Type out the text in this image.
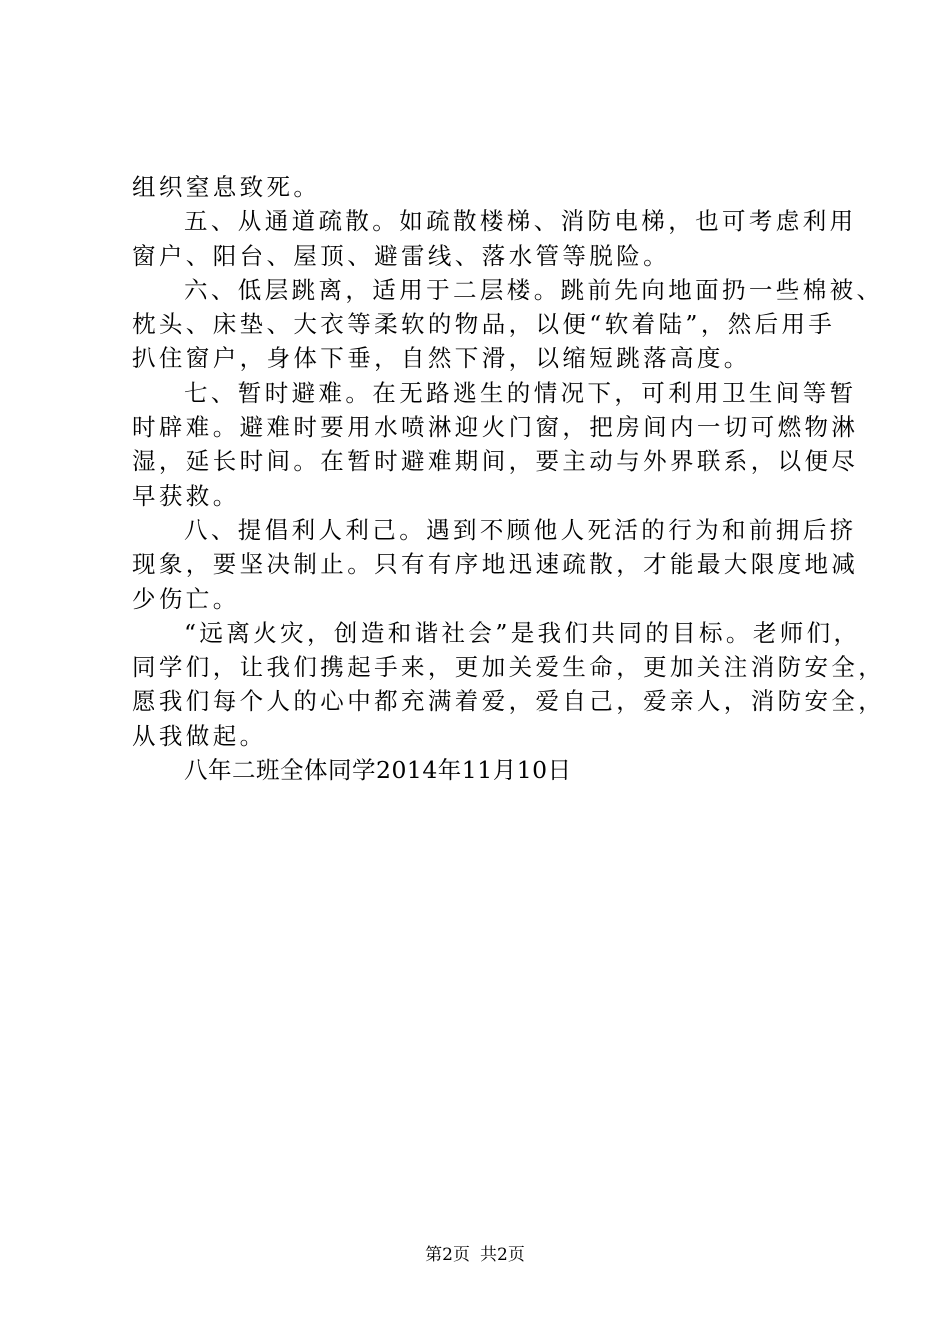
组织窒息致死。

五、从通道疏散。如疏散楼梯、消防电梯，也可考虑利用

窗户、阳台、屋顶、避雷线、落水管等脱险。

六、低层跳离，适用于二层楼。跳前先向地面扔一些棉被、

枕头、床垫、大衣等柔软的物品，以便“软着陆”，然后用手

扒住窗户，身体下垂，自然下滑，以缩短跳落高度。

七、暂时避难。在无路逃生的情况下，可利用卫生间等暂

时辟难。避难时要用水喷淋迎火门窗，把房间内一切可燃物淋

湿，延长时间。在暂时避难期间，要主动与外界联系，以便尽

早获救。

八、提倡利人利己。遇到不顾他人死活的行为和前拥后挤

现象，要坚决制止。只有有序地迅速疏散，才能最大限度地减

少伤亡。

“远离火灾，创造和谐社会”是我们共同的目标。老师们，

同学们，让我们携起手来，更加关爱生命，更加关注消防安全，

愿我们每个人的心中都充满着爱，爱自己，爱亲人，消防安全，

从我做起。

八年二班全体同学2014年11月10日

第2页 共2页
